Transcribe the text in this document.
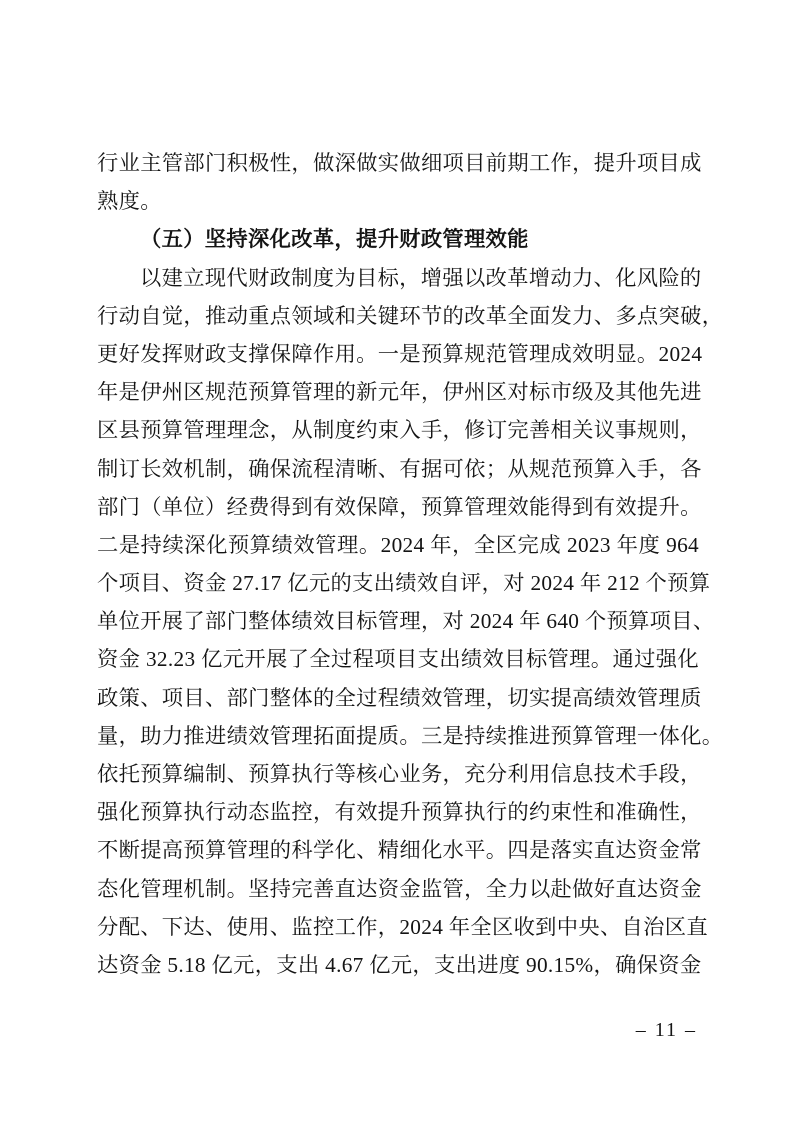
行业主管部门积极性，做深做实做细项目前期工作，提升项目成
熟度。
（五）坚持深化改革，提升财政管理效能
以建立现代财政制度为目标，增强以改革增动力、化风险的
行动自觉，推动重点领域和关键环节的改革全面发力、多点突破，
更好发挥财政支撑保障作用。一是预算规范管理成效明显。2024
年是伊州区规范预算管理的新元年，伊州区对标市级及其他先进
区县预算管理理念，从制度约束入手，修订完善相关议事规则，
制订长效机制，确保流程清晰、有据可依；从规范预算入手，各
部门（单位）经费得到有效保障，预算管理效能得到有效提升。
二是持续深化预算绩效管理。2024 年，全区完成 2023 年度 964
个项目、资金 27.17 亿元的支出绩效自评，对 2024 年 212 个预算
单位开展了部门整体绩效目标管理，对 2024 年 640 个预算项目、
资金 32.23 亿元开展了全过程项目支出绩效目标管理。通过强化
政策、项目、部门整体的全过程绩效管理，切实提高绩效管理质
量，助力推进绩效管理拓面提质。三是持续推进预算管理一体化。
依托预算编制、预算执行等核心业务，充分利用信息技术手段，
强化预算执行动态监控，有效提升预算执行的约束性和准确性，
不断提高预算管理的科学化、精细化水平。四是落实直达资金常
态化管理机制。坚持完善直达资金监管，全力以赴做好直达资金
分配、下达、使用、监控工作，2024 年全区收到中央、自治区直
达资金 5.18 亿元，支出 4.67 亿元，支出进度 90.15%，确保资金
– 11 –
